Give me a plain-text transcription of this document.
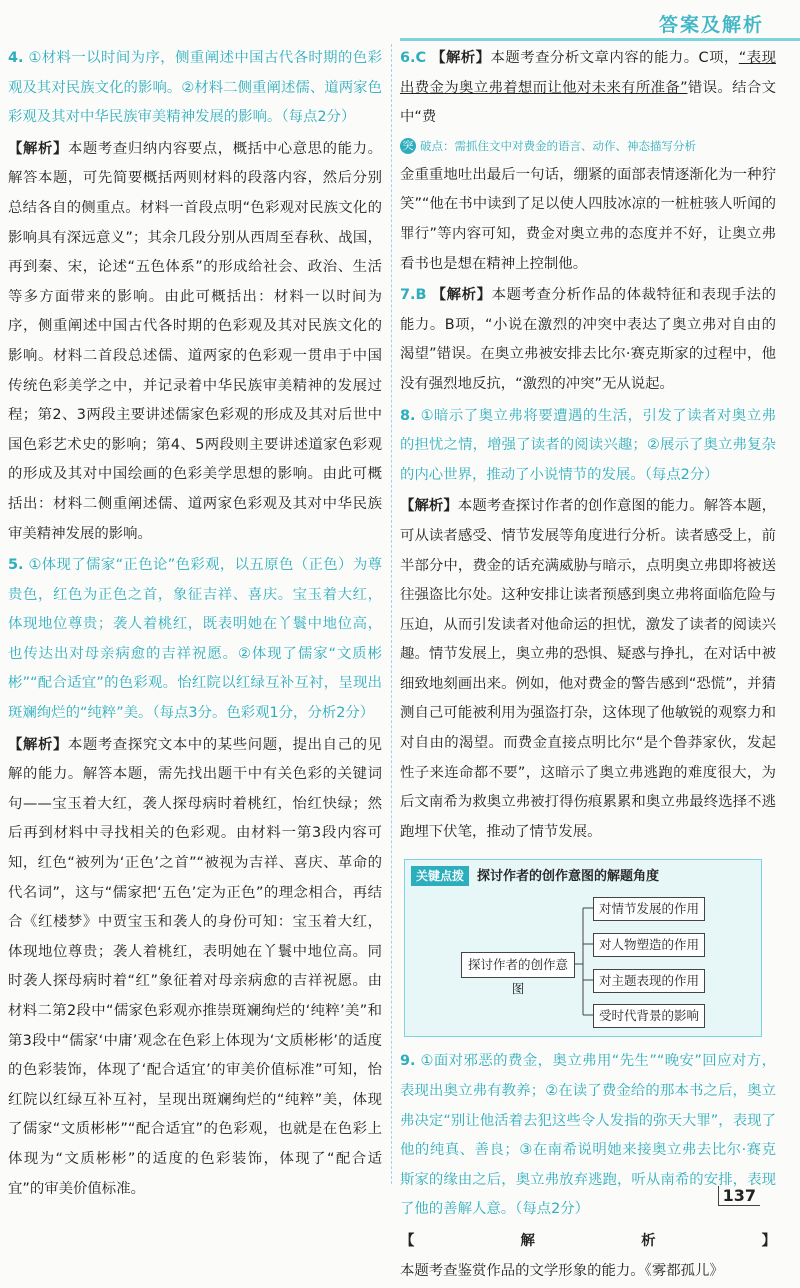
答案及解析

4. ①材料一以时间为序，侧重阐述中国古代各时期的色彩观及其对民族文化的影响。②材料二侧重阐述儒、道两家色彩观及其对中华民族审美精神发展的影响。（每点2分）

【解析】本题考查归纳内容要点，概括中心意思的能力。解答本题，可先简要概括两则材料的段落内容，然后分别总结各自的侧重点。材料一首段点明“色彩观对民族文化的影响具有深远意义”；其余几段分别从西周至春秋、战国，再到秦、宋，论述“五色体系”的形成给社会、政治、生活等多方面带来的影响。由此可概括出：材料一以时间为序，侧重阐述中国古代各时期的色彩观及其对民族文化的影响。材料二首段总述儒、道两家的色彩观一贯串于中国传统色彩美学之中，并记录着中华民族审美精神的发展过程；第2、3两段主要讲述儒家色彩观的形成及其对后世中国色彩艺术史的影响；第4、5两段则主要讲述道家色彩观的形成及其对中国绘画的色彩美学思想的影响。由此可概括出：材料二侧重阐述儒、道两家色彩观及其对中华民族审美精神发展的影响。

5. ①体现了儒家“正色论”色彩观，以五原色（正色）为尊贵色，红色为正色之首，象征吉祥、喜庆。宝玉着大红，体现地位尊贵；袭人着桃红，既表明她在丫鬟中地位高，也传达出对母亲病愈的吉祥祝愿。②体现了儒家“文质彬彬”“配合适宜”的色彩观。怡红院以红绿互补互衬，呈现出斑斓绚烂的“纯粹”美。（每点3分。色彩观1分，分析2分）

【解析】本题考查探究文本中的某些问题，提出自己的见解的能力。解答本题，需先找出题干中有关色彩的关键词句——宝玉着大红，袭人探母病时着桃红，怡红快绿；然后再到材料中寻找相关的色彩观。由材料一第3段内容可知，红色“被列为‘正色’之首”“被视为吉祥、喜庆、革命的代名词”，这与“儒家把‘五色’定为正色”的理念相合，再结合《红楼梦》中贾宝玉和袭人的身份可知：宝玉着大红，体现地位尊贵；袭人着桃红，表明她在丫鬟中地位高。同时袭人探母病时着“红”象征着对母亲病愈的吉祥祝愿。由材料二第2段中“儒家色彩观亦推崇斑斓绚烂的‘纯粹’美”和第3段中“儒家‘中庸’观念在色彩上体现为‘文质彬彬’的适度的色彩装饰，体现了‘配合适宜’的审美价值标准”可知，怡红院以红绿互补互衬，呈现出斑斓绚烂的“纯粹”美，体现了儒家“文质彬彬”“配合适宜”的色彩观，也就是在色彩上体现为“文质彬彬”的适度的色彩装饰，体现了“配合适宜”的审美价值标准。

6.C 【解析】本题考查分析文章内容的能力。C项，“表现出费金为奥立弗着想而让他对未来有所准备”错误。结合文中“费

突 破点：需抓住文中对费金的语言、动作、神态描写分析

金重重地吐出最后一句话，绷紧的面部表情逐渐化为一种狞笑”“他在书中读到了足以使人四肢冰凉的一桩桩骇人听闻的罪行”等内容可知，费金对奥立弗的态度并不好，让奥立弗看书也是想在精神上控制他。

7.B 【解析】本题考查分析作品的体裁特征和表现手法的能力。B项，“小说在激烈的冲突中表达了奥立弗对自由的渴望”错误。在奥立弗被安排去比尔·赛克斯家的过程中，他没有强烈地反抗，“激烈的冲突”无从说起。

8. ①暗示了奥立弗将要遭遇的生活，引发了读者对奥立弗的担忧之情，增强了读者的阅读兴趣；②展示了奥立弗复杂的内心世界，推动了小说情节的发展。（每点2分）

【解析】本题考查探讨作者的创作意图的能力。解答本题，可从读者感受、情节发展等角度进行分析。读者感受上，前半部分中，费金的话充满威胁与暗示，点明奥立弗即将被送往强盗比尔处。这种安排让读者预感到奥立弗将面临危险与压迫，从而引发读者对他命运的担忧，激发了读者的阅读兴趣。情节发展上，奥立弗的恐惧、疑惑与挣扎，在对话中被细致地刻画出来。例如，他对费金的警告感到“恐慌”，并猜测自己可能被利用为强盗打杂，这体现了他敏锐的观察力和对自由的渴望。而费金直接点明比尔“是个鲁莽家伙，发起性子来连命都不要”，这暗示了奥立弗逃跑的难度很大，为后文南希为救奥立弗被打得伤痕累累和奥立弗最终选择不逃跑埋下伏笔，推动了情节发展。

关键点拨 探讨作者的创作意图的解题角度
探讨作者的创作意图
对情节发展的作用
对人物塑造的作用
对主题表现的作用
受时代背景的影响

9. ①面对邪恶的费金，奥立弗用“先生”“晚安”回应对方，表现出奥立弗有教养；②在读了费金给的那本书之后，奥立弗决定“别让他活着去犯这些令人发指的弥天大罪”，表现了他的纯真、善良；③在南希说明她来接奥立弗去比尔·赛克斯家的缘由之后，奥立弗放弃逃跑，听从南希的安排，表现了他的善解人意。（每点2分）

【解析】本题考查鉴赏作品的文学形象的能力。《雾都孤儿》

137
